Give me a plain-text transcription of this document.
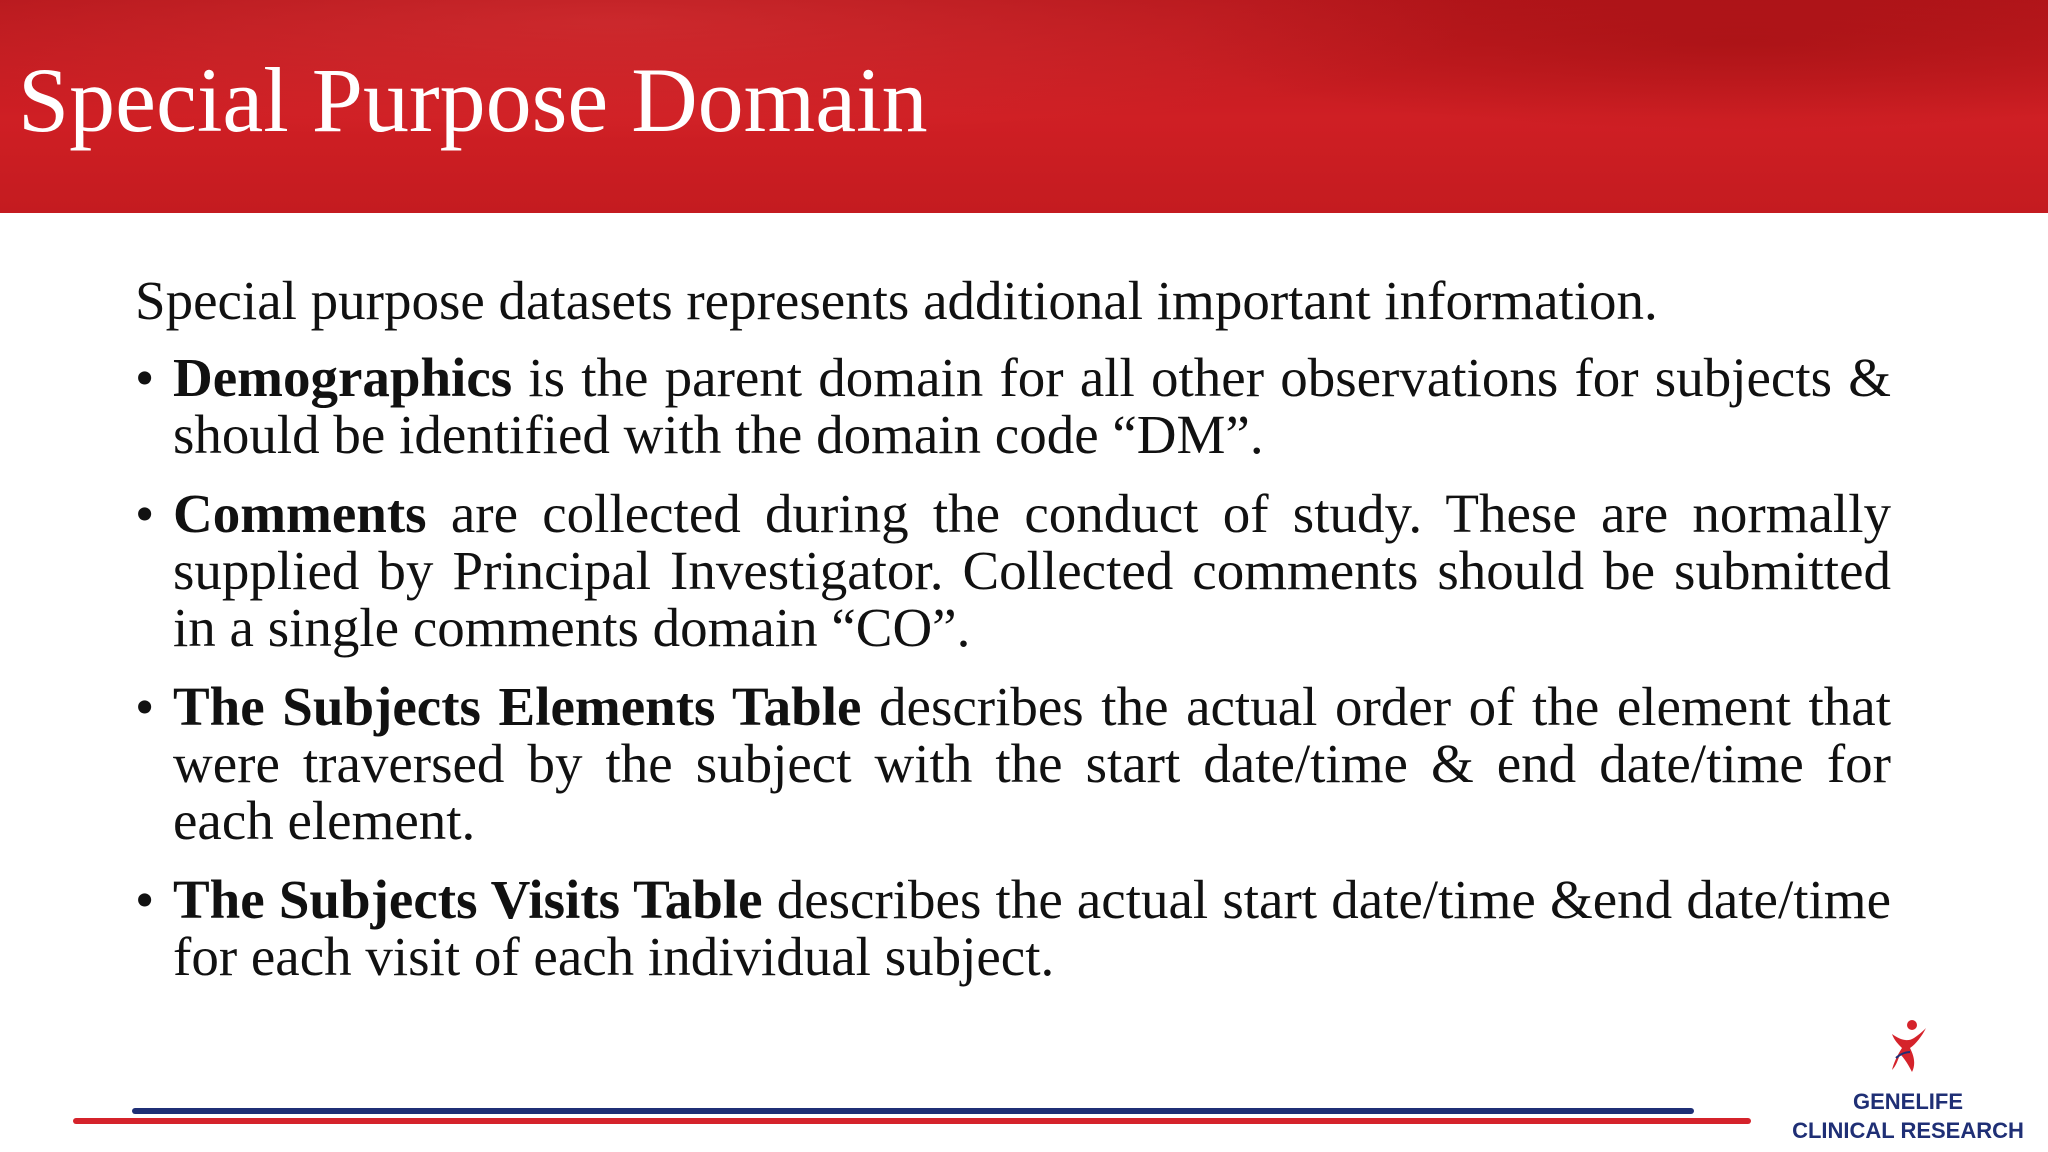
Special Purpose Domain

Special purpose datasets represents additional important information.

• Demographics is the parent domain for all other observations for subjects & should be identified with the domain code “DM”.
• Comments are collected during the conduct of study. These are normally supplied by Principal Investigator. Collected comments should be submitted in a single comments domain “CO”.
• The Subjects Elements Table describes the actual order of the element that were traversed by the subject with the start date/time & end date/time for each element.
• The Subjects Visits Table describes the actual start date/time &end date/time for each visit of each individual subject.
GENELIFE
CLINICAL RESEARCH
